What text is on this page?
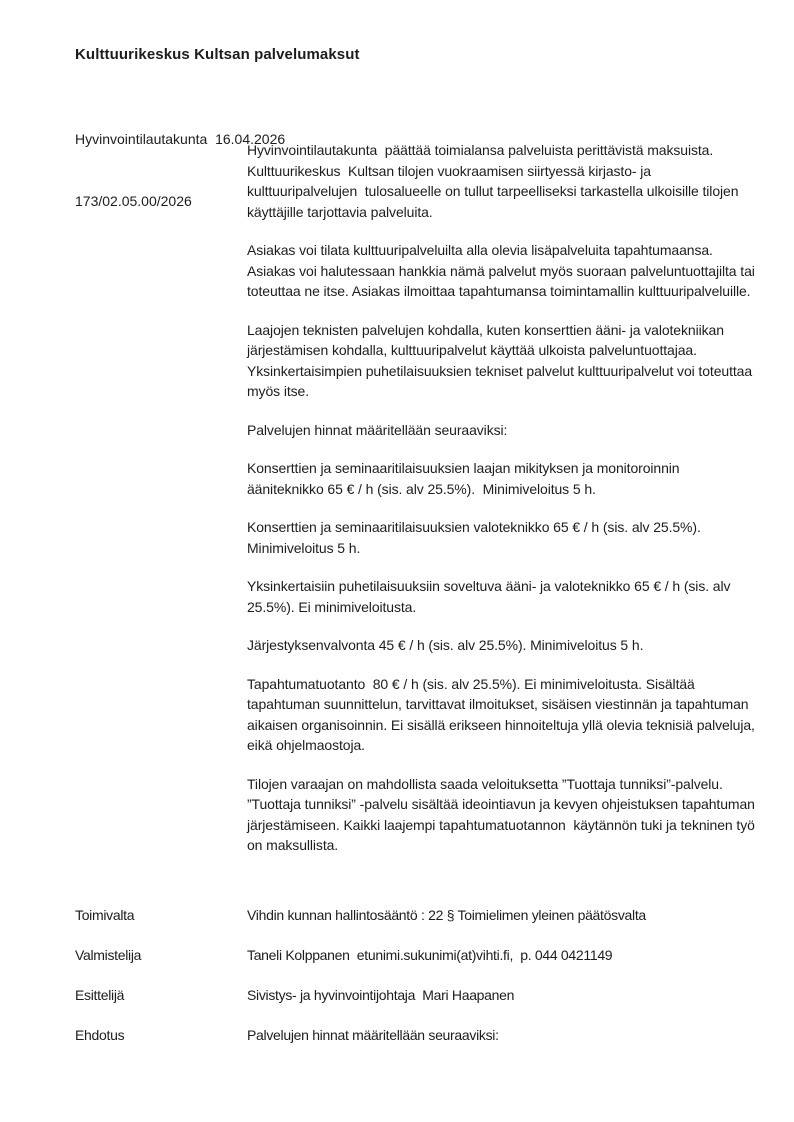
Kulttuurikeskus Kultsan palvelumaksut

Hyvinvointilautakunta  16.04.2026

173/02.05.00/2026

Hyvinvointilautakunta  päättää toimialansa palveluista perittävistä maksuista. Kulttuurikeskus  Kultsan tilojen vuokraamisen siirtyessä kirjasto- ja kulttuuripalvelujen  tulosalueelle on tullut tarpeelliseksi tarkastella ulkoisille tilojen käyttäjille tarjottavia palveluita.

Asiakas voi tilata kulttuuripalveluilta alla olevia lisäpalveluita tapahtumaansa. Asiakas voi halutessaan hankkia nämä palvelut myös suoraan palveluntuottajilta tai toteuttaa ne itse. Asiakas ilmoittaa tapahtumansa toimintamallin kulttuuripalveluille.

Laajojen teknisten palvelujen kohdalla, kuten konserttien ääni- ja valotekniikan järjestämisen kohdalla, kulttuuripalvelut käyttää ulkoista palveluntuottajaa. Yksinkertaisimpien puhetilaisuuksien tekniset palvelut kulttuuripalvelut voi toteuttaa myös itse.

Palvelujen hinnat määritellään seuraaviksi:

Konserttien ja seminaaritilaisuuksien laajan mikityksen ja monitoroinnin ääniteknikko 65 € / h (sis. alv 25.5%).  Minimiveloitus 5 h.

Konserttien ja seminaaritilaisuuksien valoteknikko 65 € / h (sis. alv 25.5%). Minimiveloitus 5 h.

Yksinkertaisiin puhetilaisuuksiin soveltuva ääni- ja valoteknikko 65 € / h (sis. alv 25.5%). Ei minimiveloitusta.

Järjestyksenvalvonta 45 € / h (sis. alv 25.5%). Minimiveloitus 5 h.

Tapahtumatuotanto  80 € / h (sis. alv 25.5%). Ei minimiveloitusta. Sisältää tapahtuman suunnittelun, tarvittavat ilmoitukset, sisäisen viestinnän ja tapahtuman aikaisen organisoinnin. Ei sisällä erikseen hinnoiteltuja yllä olevia teknisiä palveluja, eikä ohjelmaostoja.

Tilojen varaajan on mahdollista saada veloituksetta ”Tuottaja tunniksi”-palvelu. ”Tuottaja tunniksi” -palvelu sisältää ideointiavun ja kevyen ohjeistuksen tapahtuman järjestämiseen. Kaikki laajempi tapahtumatuotannon  käytännön tuki ja tekninen työ on maksullista.

Toimivalta	Vihdin kunnan hallintosääntö : 22 § Toimielimen yleinen päätösvalta
Valmistelija	Taneli Kolppanen  etunimi.sukunimi(at)vihti.fi,  p. 044 0421149
Esittelijä	Sivistys- ja hyvinvointijohtaja  Mari Haapanen
Ehdotus	Palvelujen hinnat määritellään seuraaviksi:
